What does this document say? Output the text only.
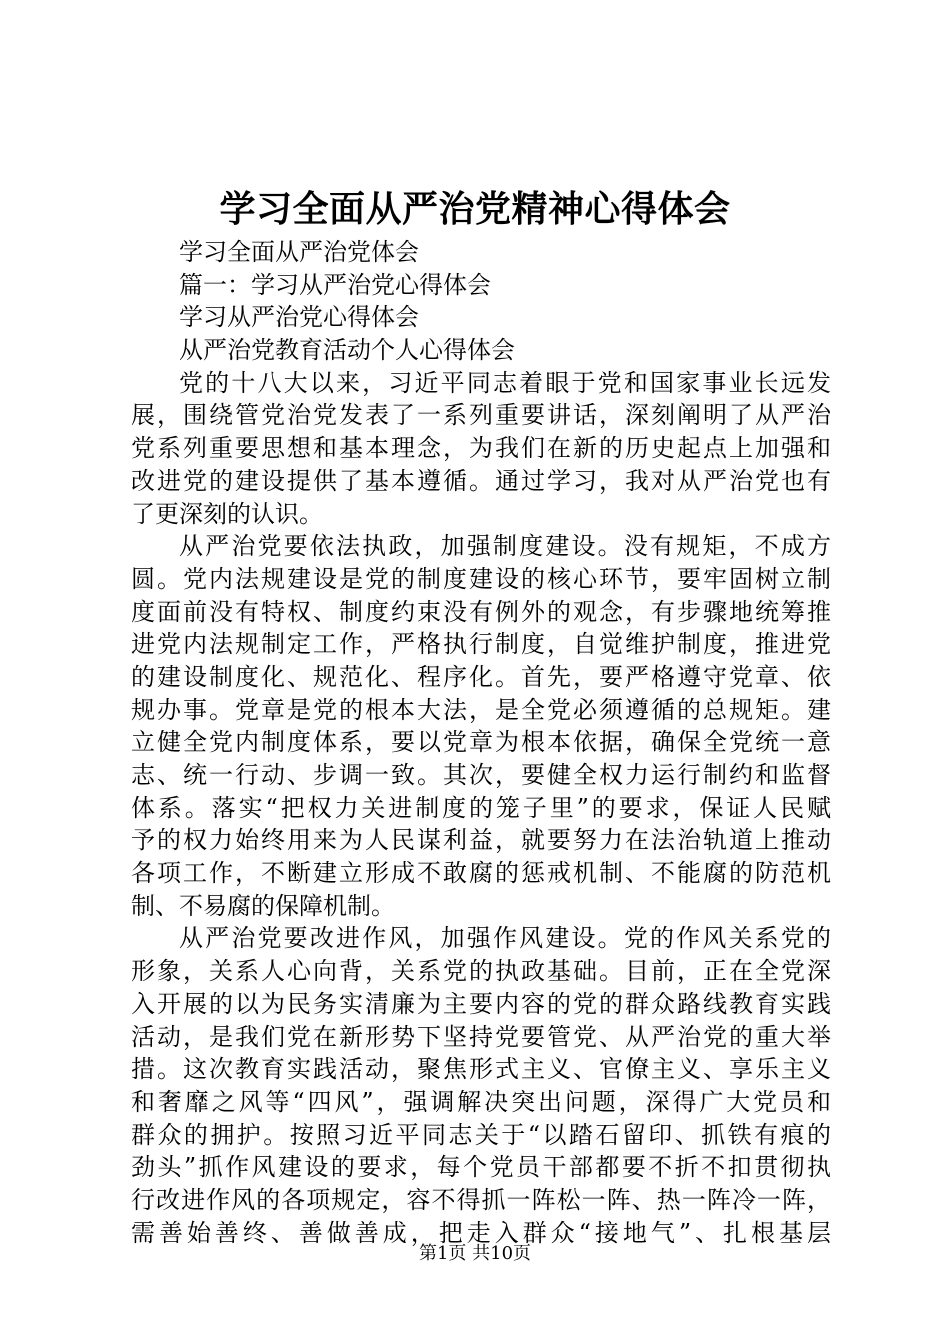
学习全面从严治党精神心得体会
学习全面从严治党体会
篇一：学习从严治党心得体会
学习从严治党心得体会
从严治党教育活动个人心得体会
党的十八大以来，习近平同志着眼于党和国家事业长远发
展，围绕管党治党发表了一系列重要讲话，深刻阐明了从严治
党系列重要思想和基本理念，为我们在新的历史起点上加强和
改进党的建设提供了基本遵循。通过学习，我对从严治党也有
了更深刻的认识。
从严治党要依法执政，加强制度建设。没有规矩，不成方
圆。党内法规建设是党的制度建设的核心环节，要牢固树立制
度面前没有特权、制度约束没有例外的观念，有步骤地统筹推
进党内法规制定工作，严格执行制度，自觉维护制度，推进党
的建设制度化、规范化、程序化。首先，要严格遵守党章、依
规办事。党章是党的根本大法，是全党必须遵循的总规矩。建
立健全党内制度体系，要以党章为根本依据，确保全党统一意
志、统一行动、步调一致。其次，要健全权力运行制约和监督
体系。落实“把权力关进制度的笼子里”的要求，保证人民赋
予的权力始终用来为人民谋利益，就要努力在法治轨道上推动
各项工作，不断建立形成不敢腐的惩戒机制、不能腐的防范机
制、不易腐的保障机制。
从严治党要改进作风，加强作风建设。党的作风关系党的
形象，关系人心向背，关系党的执政基础。目前，正在全党深
入开展的以为民务实清廉为主要内容的党的群众路线教育实践
活动，是我们党在新形势下坚持党要管党、从严治党的重大举
措。这次教育实践活动，聚焦形式主义、官僚主义、享乐主义
和奢靡之风等“四风”，强调解决突出问题，深得广大党员和
群众的拥护。按照习近平同志关于“以踏石留印、抓铁有痕的
劲头”抓作风建设的要求，每个党员干部都要不折不扣贯彻执
行改进作风的各项规定，容不得抓一阵松一阵、热一阵冷一阵，
需善始善终、善做善成，把走入群众“接地气”、扎根基层
第1页 共10页
